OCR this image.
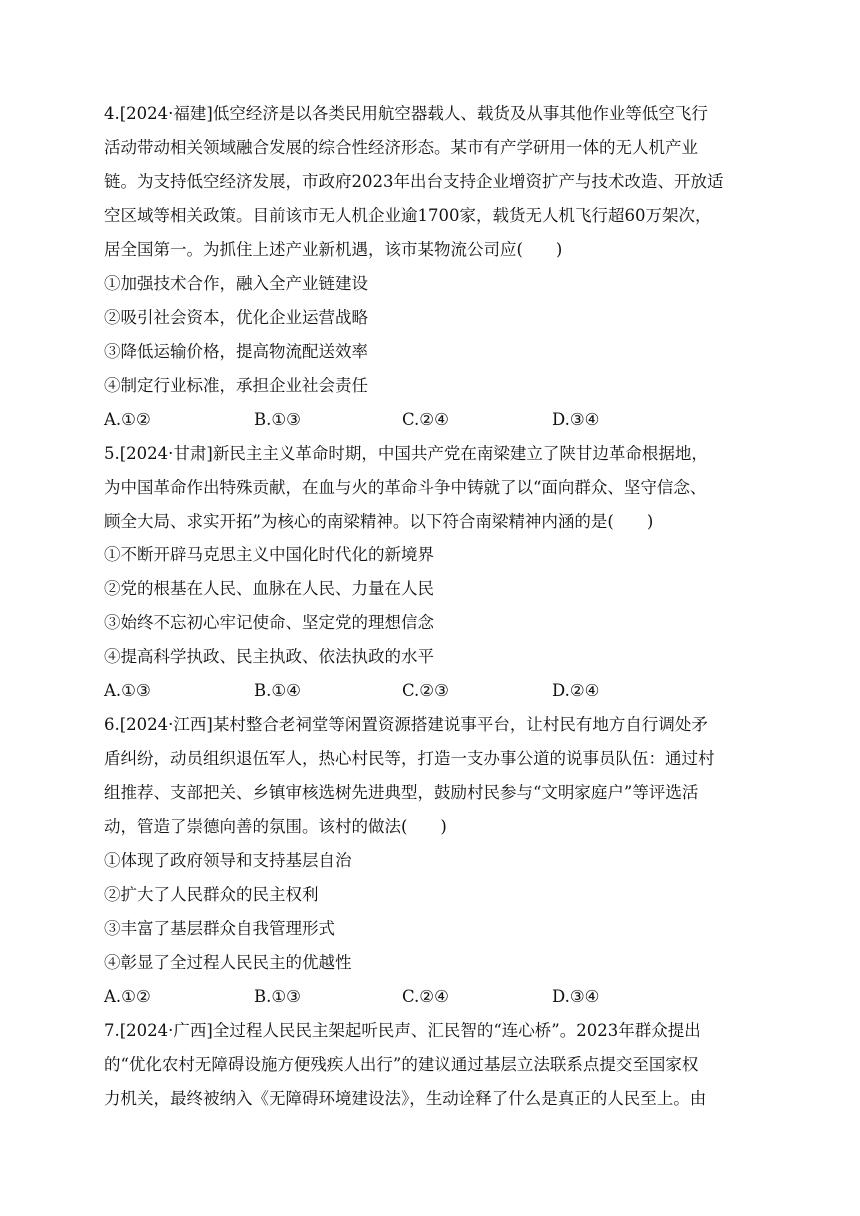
4.[2024·福建]低空经济是以各类民用航空器载人、载货及从事其他作业等低空飞行
活动带动相关领域融合发展的综合性经济形态。某市有产学研用一体的无人机产业
链。为支持低空经济发展，市政府2023年出台支持企业增资扩产与技术改造、开放适
空区域等相关政策。目前该市无人机企业逾1700家，载货无人机飞行超60万架次，
居全国第一。为抓住上述产业新机遇，该市某物流公司应(　　)
①加强技术合作，融入全产业链建设
②吸引社会资本，优化企业运营战略
③降低运输价格，提高物流配送效率
④制定行业标准，承担企业社会责任
A.①②	B.①③	C.②④	D.③④
5.[2024·甘肃]新民主主义革命时期，中国共产党在南梁建立了陕甘边革命根据地，
为中国革命作出特殊贡献，在血与火的革命斗争中铸就了以“面向群众、坚守信念、
顾全大局、求实开拓”为核心的南梁精神。以下符合南梁精神内涵的是(　　)
①不断开辟马克思主义中国化时代化的新境界
②党的根基在人民、血脉在人民、力量在人民
③始终不忘初心牢记使命、坚定党的理想信念
④提高科学执政、民主执政、依法执政的水平
A.①③	B.①④	C.②③	D.②④
6.[2024·江西]某村整合老祠堂等闲置资源搭建说事平台，让村民有地方自行调处矛
盾纠纷，动员组织退伍军人，热心村民等，打造一支办事公道的说事员队伍：通过村
组推荐、支部把关、乡镇审核选树先进典型，鼓励村民参与“文明家庭户”等评选活
动，管造了崇德向善的氛围。该村的做法(　　)
①体现了政府领导和支持基层自治
②扩大了人民群众的民主权利
③丰富了基层群众自我管理形式
④彰显了全过程人民民主的优越性
A.①②	B.①③	C.②④	D.③④
7.[2024·广西]全过程人民民主架起听民声、汇民智的“连心桥”。2023年群众提出
的“优化农村无障碍设施方便残疾人出行”的建议通过基层立法联系点提交至国家权
力机关，最终被纳入《无障碍环境建设法》，生动诠释了什么是真正的人民至上。由
